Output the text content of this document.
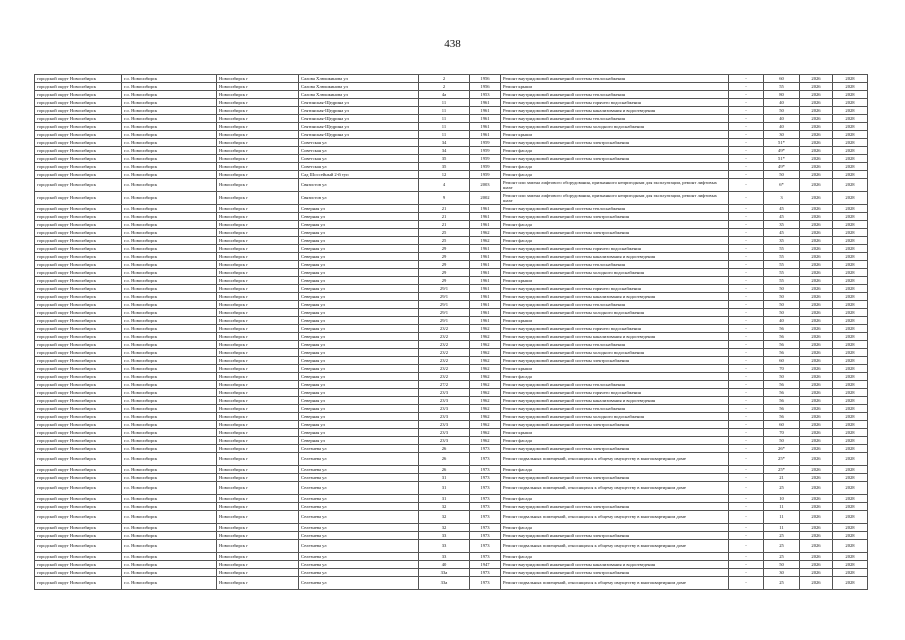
438
городской округ Новосибирск	г.о. Новосибирск	Новосибирск г	Салова Хлюшкинова ул	2	1956	Ремонт внутридомовой инженерной системы теплоснабжения	-	60	2026	2028
городской округ Новосибирск	г.о. Новосибирск	Новосибирск г	Салова Хлюшкинова ул	2	1956	Ремонт крыши	-	55	2026	2028
городской округ Новосибирск	г.о. Новосибирск	Новосибирск г	Салова Хлюшкинова ул	4а	1953	Ремонт внутридомовой инженерной системы теплоснабжения	-	80	2026	2028
городской округ Новосибирск	г.о. Новосибирск	Новосибирск г	Сеятинская-Щедрина ул	11	1961	Ремонт внутридомовой инженерной системы горячего водоснабжения	-	40	2026	2028
городской округ Новосибирск	г.о. Новосибирск	Новосибирск г	Сеятинская-Щедрина ул	11	1961	Ремонт внутридомовой инженерной системы канализования и водоотведения	-	50	2026	2028
городской округ Новосибирск	г.о. Новосибирск	Новосибирск г	Сеятинская-Щедрина ул	11	1961	Ремонт внутридомовой инженерной системы теплоснабжения	-	40	2026	2028
городской округ Новосибирск	г.о. Новосибирск	Новосибирск г	Сеятинская-Щедрина ул	11	1961	Ремонт внутридомовой инженерной системы холодного водоснабжения	-	40	2026	2028
городской округ Новосибирск	г.о. Новосибирск	Новосибирск г	Сеятинская-Щедрина ул	11	1961	Ремонт крыши	-	30	2026	2028
городской округ Новосибирск	г.о. Новосибирск	Новосибирск г	Советская ул	34	1959	Ремонт внутридомовой инженерной системы электроснабжения	-	51*	2026	2028
городской округ Новосибирск	г.о. Новосибирск	Новосибирск г	Советская ул	34	1959	Ремонт фасада	-	49*	2026	2028
городской округ Новосибирск	г.о. Новосибирск	Новосибирск г	Советская ул	35	1959	Ремонт внутридомовой инженерной системы электроснабжения	-	51*	2026	2028
городской округ Новосибирск	г.о. Новосибирск	Новосибирск г	Советская ул	35	1959	Ремонт фасада	-	49*	2026	2028
городской округ Новосибирск	г.о. Новосибирск	Новосибирск г	Сад Шоссейный 2-й туп	12	1959	Ремонт фасада	-	50	2026	2028
городской округ Новосибирск	г.о. Новосибирск	Новосибирск г	Связистов ул	4	2003	Ремонт или замена лифтового оборудования, признанного непригодным для эксплуатации, ремонт лифтовых шахт	-	6*	2026	2028
городской округ Новосибирск	г.о. Новосибирск	Новосибирск г	Связистов ул	9	2002	Ремонт или замена лифтового оборудования, признанного непригодным для эксплуатации, ремонт лифтовых шахт	-	3	2026	2028
городской округ Новосибирск	г.о. Новосибирск	Новосибирск г	Северная ул	21	1961	Ремонт внутридомовой инженерной системы теплоснабжения	-	45	2026	2028
городской округ Новосибирск	г.о. Новосибирск	Новосибирск г	Северная ул	21	1961	Ремонт внутридомовой инженерной системы электроснабжения	-	45	2026	2028
городской округ Новосибирск	г.о. Новосибирск	Новосибирск г	Северная ул	21	1961	Ремонт фасада	-	35	2026	2028
городской округ Новосибирск	г.о. Новосибирск	Новосибирск г	Северная ул	25	1962	Ремонт внутридомовой инженерной системы электроснабжения	-	45	2026	2028
городской округ Новосибирск	г.о. Новосибирск	Новосибирск г	Северная ул	25	1962	Ремонт фасада	-	35	2026	2028
городской округ Новосибирск	г.о. Новосибирск	Новосибирск г	Северная ул	29	1961	Ремонт внутридомовой инженерной системы горячего водоснабжения	-	55	2026	2028
городской округ Новосибирск	г.о. Новосибирск	Новосибирск г	Северная ул	29	1961	Ремонт внутридомовой инженерной системы канализования и водоотведения	-	55	2026	2028
городской округ Новосибирск	г.о. Новосибирск	Новосибирск г	Северная ул	29	1961	Ремонт внутридомовой инженерной системы теплоснабжения	-	55	2026	2028
городской округ Новосибирск	г.о. Новосибирск	Новосибирск г	Северная ул	29	1961	Ремонт внутридомовой инженерной системы холодного водоснабжения	-	55	2026	2028
городской округ Новосибирск	г.о. Новосибирск	Новосибирск г	Северная ул	29	1961	Ремонт крыши	-	55	2026	2028
городской округ Новосибирск	г.о. Новосибирск	Новосибирск г	Северная ул	29/1	1961	Ремонт внутридомовой инженерной системы горячего водоснабжения	-	50	2026	2028
городской округ Новосибирск	г.о. Новосибирск	Новосибирск г	Северная ул	29/1	1961	Ремонт внутридомовой инженерной системы канализования и водоотведения	-	50	2026	2028
городской округ Новосибирск	г.о. Новосибирск	Новосибирск г	Северная ул	29/1	1961	Ремонт внутридомовой инженерной системы теплоснабжения	-	50	2026	2028
городской округ Новосибирск	г.о. Новосибирск	Новосибирск г	Северная ул	29/1	1961	Ремонт внутридомовой инженерной системы холодного водоснабжения	-	50	2026	2028
городской округ Новосибирск	г.о. Новосибирск	Новосибирск г	Северная ул	29/1	1961	Ремонт крыши	-	40	2026	2028
городской округ Новосибирск	г.о. Новосибирск	Новосибирск г	Северная ул	23/2	1962	Ремонт внутридомовой инженерной системы горячего водоснабжения	-	56	2026	2028
городской округ Новосибирск	г.о. Новосибирск	Новосибирск г	Северная ул	23/2	1962	Ремонт внутридомовой инженерной системы канализования и водоотведения	-	56	2026	2028
городской округ Новосибирск	г.о. Новосибирск	Новосибирск г	Северная ул	23/2	1962	Ремонт внутридомовой инженерной системы теплоснабжения	-	56	2026	2028
городской округ Новосибирск	г.о. Новосибирск	Новосибирск г	Северная ул	23/2	1962	Ремонт внутридомовой инженерной системы холодного водоснабжения	-	56	2026	2028
городской округ Новосибирск	г.о. Новосибирск	Новосибирск г	Северная ул	23/2	1962	Ремонт внутридомовой инженерной системы электроснабжения	-	60	2026	2028
городской округ Новосибирск	г.о. Новосибирск	Новосибирск г	Северная ул	23/2	1962	Ремонт крыши	-	70	2026	2028
городской округ Новосибирск	г.о. Новосибирск	Новосибирск г	Северная ул	23/2	1962	Ремонт фасада	-	50	2026	2028
городской округ Новосибирск	г.о. Новосибирск	Новосибирск г	Северная ул	27/2	1962	Ремонт внутридомовой инженерной системы теплоснабжения	-	56	2026	2028
городской округ Новосибирск	г.о. Новосибирск	Новосибирск г	Северная ул	23/3	1962	Ремонт внутридомовой инженерной системы горячего водоснабжения	-	56	2026	2028
городской округ Новосибирск	г.о. Новосибирск	Новосибирск г	Северная ул	23/3	1962	Ремонт внутридомовой инженерной системы канализования и водоотведения	-	56	2026	2028
городской округ Новосибирск	г.о. Новосибирск	Новосибирск г	Северная ул	23/3	1962	Ремонт внутридомовой инженерной системы теплоснабжения	-	56	2026	2028
городской округ Новосибирск	г.о. Новосибирск	Новосибирск г	Северная ул	23/3	1962	Ремонт внутридомовой инженерной системы холодного водоснабжения	-	56	2026	2028
городской округ Новосибирск	г.о. Новосибирск	Новосибирск г	Северная ул	23/3	1962	Ремонт внутридомовой инженерной системы электроснабжения	-	60	2026	2028
городской округ Новосибирск	г.о. Новосибирск	Новосибирск г	Северная ул	23/3	1962	Ремонт крыши	-	70	2026	2028
городской округ Новосибирск	г.о. Новосибирск	Новосибирск г	Северная ул	23/3	1962	Ремонт фасада	-	50	2026	2028
городской округ Новосибирск	г.о. Новосибирск	Новосибирск г	Селезнева ул	26	1973	Ремонт внутридомовой инженерной системы электроснабжения	-	26*	2026	2028
городской округ Новосибирск	г.о. Новосибирск	Новосибирск г	Селезнева ул	26	1973	Ремонт подвальных помещений, относящихся к общему имуществу в многоквартирном доме	-	25*	2026	2028
городской округ Новосибирск	г.о. Новосибирск	Новосибирск г	Селезнева ул	26	1973	Ремонт фасада	-	25*	2026	2028
городской округ Новосибирск	г.о. Новосибирск	Новосибирск г	Селезнева ул	31	1973	Ремонт внутридомовой инженерной системы электроснабжения	-	21	2026	2028
городской округ Новосибирск	г.о. Новосибирск	Новосибирск г	Селезнева ул	31	1973	Ремонт подвальных помещений, относящихся к общему имуществу в многоквартирном доме	-	25	2026	2028
городской округ Новосибирск	г.о. Новосибирск	Новосибирск г	Селезнева ул	31	1973	Ремонт фасада	-	10	2026	2028
городской округ Новосибирск	г.о. Новосибирск	Новосибирск г	Селезнева ул	32	1973	Ремонт внутридомовой инженерной системы электроснабжения	-	11	2026	2028
городской округ Новосибирск	г.о. Новосибирск	Новосибирск г	Селезнева ул	32	1973	Ремонт подвальных помещений, относящихся к общему имуществу в многоквартирном доме	-	11	2026	2028
городской округ Новосибирск	г.о. Новосибирск	Новосибирск г	Селезнева ул	32	1973	Ремонт фасада	-	11	2026	2028
городской округ Новосибирск	г.о. Новосибирск	Новосибирск г	Селезнева ул	33	1973	Ремонт внутридомовой инженерной системы электроснабжения	-	25	2026	2028
городской округ Новосибирск	г.о. Новосибирск	Новосибирск г	Селезнева ул	33	1973	Ремонт подвальных помещений, относящихся к общему имуществу в многоквартирном доме	-	25	2026	2028
городской округ Новосибирск	г.о. Новосибирск	Новосибирск г	Селезнева ул	33	1973	Ремонт фасада	-	25	2026	2028
городской округ Новосибирск	г.о. Новосибирск	Новосибирск г	Селезнева ул	40	1947	Ремонт внутридомовой инженерной системы канализования и водоотведения	-	50	2026	2028
городской округ Новосибирск	г.о. Новосибирск	Новосибирск г	Селезнева ул	33а	1973	Ремонт внутридомовой инженерной системы электроснабжения	-	30	2026	2028
городской округ Новосибирск	г.о. Новосибирск	Новосибирск г	Селезнева ул	33а	1973	Ремонт подвальных помещений, относящихся к общему имуществу в многоквартирном доме	-	25	2026	2028
